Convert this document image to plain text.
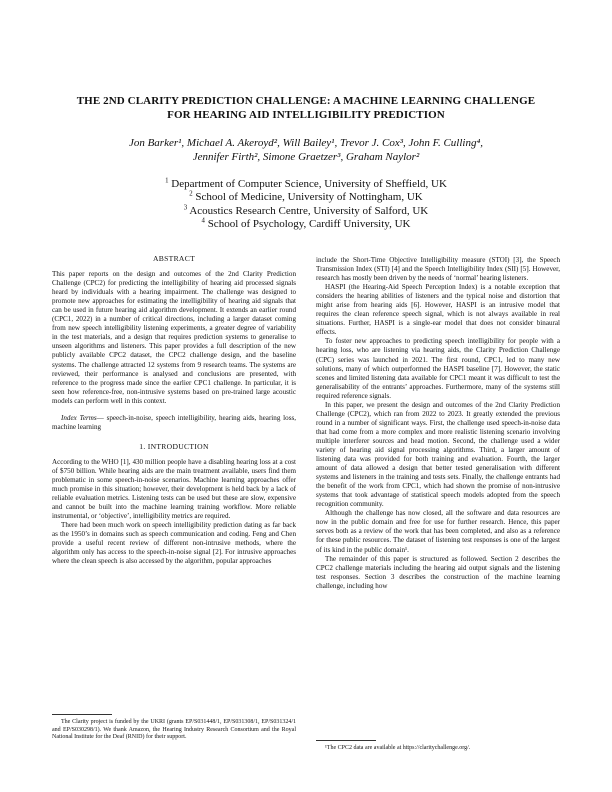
THE 2ND CLARITY PREDICTION CHALLENGE: A MACHINE LEARNING CHALLENGE
FOR HEARING AID INTELLIGIBILITY PREDICTION
Jon Barker¹, Michael A. Akeroyd², Will Bailey¹, Trevor J. Cox³, John F. Culling⁴,
Jennifer Firth², Simone Graetzer³, Graham Naylor²
$^1$ Department of Computer Science, University of Sheffield, UK
$^2$ School of Medicine, University of Nottingham, UK
$^3$ Acoustics Research Centre, University of Salford, UK
$^4$ School of Psychology, Cardiff University, UK
ABSTRACT

This paper reports on the design and outcomes of the 2nd Clarity Prediction Challenge (CPC2) for predicting the intelligibility of hearing aid processed signals heard by individuals with a hearing impairment. The challenge was designed to promote new approaches for estimating the intelligibility of hearing aid signals that can be used in future hearing aid algorithm development. It extends an earlier round (CPC1, 2022) in a number of critical directions, including a larger dataset coming from new speech intelligibility listening experiments, a greater degree of variability in the test materials, and a design that requires prediction systems to generalise to unseen algorithms and listeners. This paper provides a full description of the new publicly available CPC2 dataset, the CPC2 challenge design, and the baseline systems. The challenge attracted 12 systems from 9 research teams. The systems are reviewed, their performance is analysed and conclusions are presented, with reference to the progress made since the earlier CPC1 challenge. In particular, it is seen how reference-free, non-intrusive systems based on pre-trained large acoustic models can perform well in this context.

Index Terms— speech-in-noise, speech intelligibility, hearing aids, hearing loss, machine learning

1. INTRODUCTION

According to the WHO [1], 430 million people have a disabling hearing loss at a cost of $750 billion. While hearing aids are the main treatment available, users find them problematic in some speech-in-noise scenarios. Machine learning approaches offer much promise in this situation; however, their development is held back by a lack of reliable evaluation metrics. Listening tests can be used but these are slow, expensive and cannot be built into the machine learning training workflow. More reliable instrumental, or ‘objective’, intelligibility metrics are required.

There had been much work on speech intelligibility prediction dating as far back as the 1950’s in domains such as speech communication and coding. Feng and Chen provide a useful recent review of different non-intrusive methods, where the algorithm only has access to the speech-in-noise signal [2]. For intrusive approaches where the clean speech is also accessed by the algorithm, popular approaches

The Clarity project is funded by the UKRI (grants EP/S031448/1, EP/S031308/1, EP/S031324/1 and EP/S030298/1). We thank Amazon, the Hearing Industry Research Consortium and the Royal National Institute for the Deaf (RNID) for their support.

include the Short-Time Objective Intelligibility measure (STOI) [3], the Speech Transmission Index (STI) [4] and the Speech Intelligibility Index (SII) [5]. However, research has mostly been driven by the needs of ‘normal’ hearing listeners.

HASPI (the Hearing-Aid Speech Perception Index) is a notable exception that considers the hearing abilities of listeners and the typical noise and distortion that might arise from hearing aids [6]. However, HASPI is an intrusive model that requires the clean reference speech signal, which is not always available in real situations. Further, HASPI is a single-ear model that does not consider binaural effects.

To foster new approaches to predicting speech intelligibility for people with a hearing loss, who are listening via hearing aids, the Clarity Prediction Challenge (CPC) series was launched in 2021. The first round, CPC1, led to many new solutions, many of which outperformed the HASPI baseline [7]. However, the static scenes and limited listening data available for CPC1 meant it was difficult to test the generalisability of the entrants’ approaches. Furthermore, many of the systems still required reference signals.

In this paper, we present the design and outcomes of the 2nd Clarity Prediction Challenge (CPC2), which ran from 2022 to 2023. It greatly extended the previous round in a number of significant ways. First, the challenge used speech-in-noise data that had come from a more complex and more realistic listening scenario involving multiple interferer sources and head motion. Second, the challenge used a wider variety of hearing aid signal processing algorithms. Third, a larger amount of listening data was provided for both training and evaluation. Fourth, the larger amount of data allowed a design that better tested generalisation with different systems and listeners in the training and tests sets. Finally, the challenge entrants had the benefit of the work from CPC1, which had shown the promise of non-intrusive systems that took advantage of statistical speech models adopted from the speech recognition community.

Although the challenge has now closed, all the software and data resources are now in the public domain and free for use for further research. Hence, this paper serves both as a review of the work that has been completed, and also as a reference for these public resources. The dataset of listening test responses is one of the largest of its kind in the public domain¹.

The remainder of this paper is structured as followed. Section 2 describes the CPC2 challenge materials including the hearing aid output signals and the listening test responses. Section 3 describes the construction of the machine learning challenge, including how

¹The CPC2 data are available at https://claritychallenge.org/.
